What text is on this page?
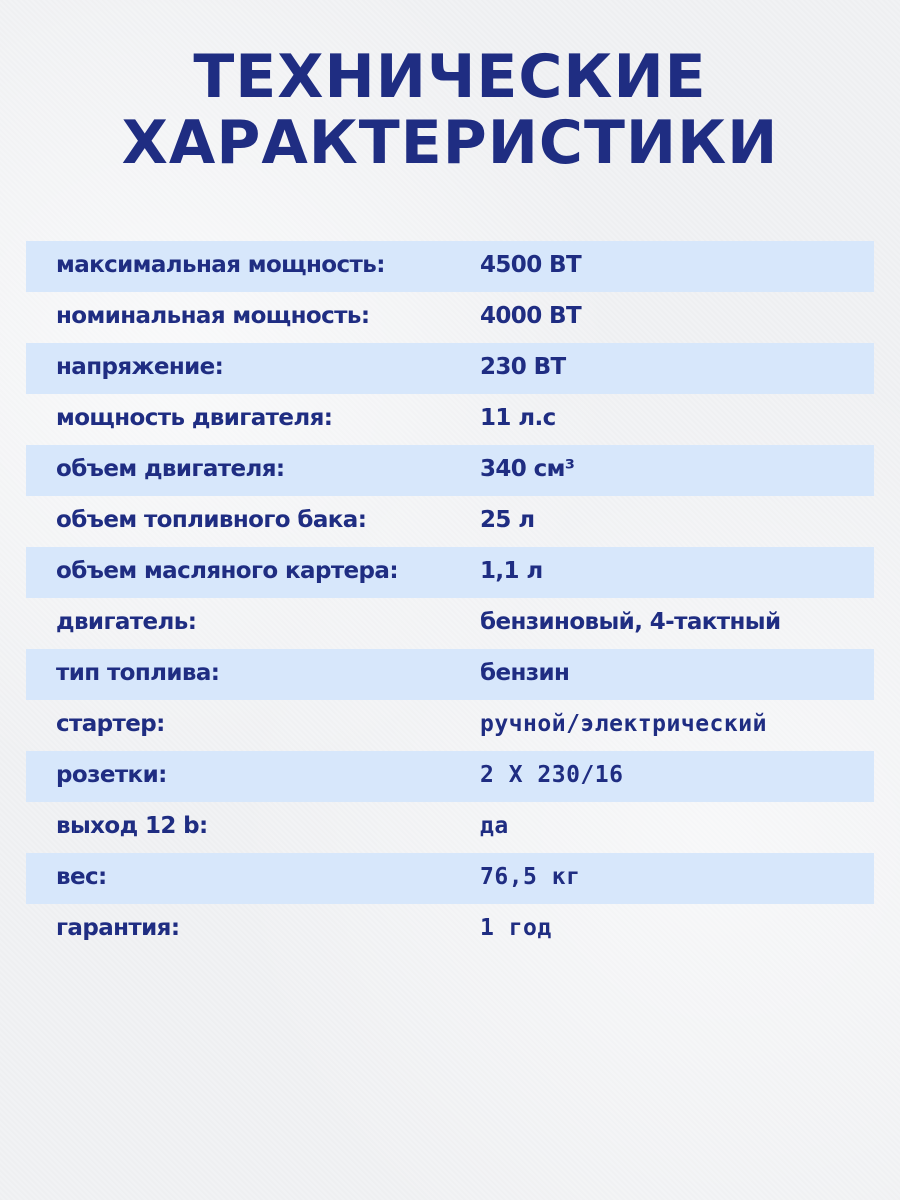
ТЕХНИЧЕСКИЕ
ХАРАКТЕРИСТИКИ
максимальная мощность:	4500 ВТ
номинальная мощность:	4000 ВТ
напряжение:	230 ВТ
мощность двигателя:	11 л.с
объем двигателя:	340 см³
объем топливного бака:	25 л
объем масляного картера:	1,1 л
двигатель:	бензиновый, 4-тактный
тип топлива:	бензин
стартер:	ручной/электрический
розетки:	2 Х 230/16
выход 12 b:	да
вес:	76,5 кг
гарантия:	1 год
